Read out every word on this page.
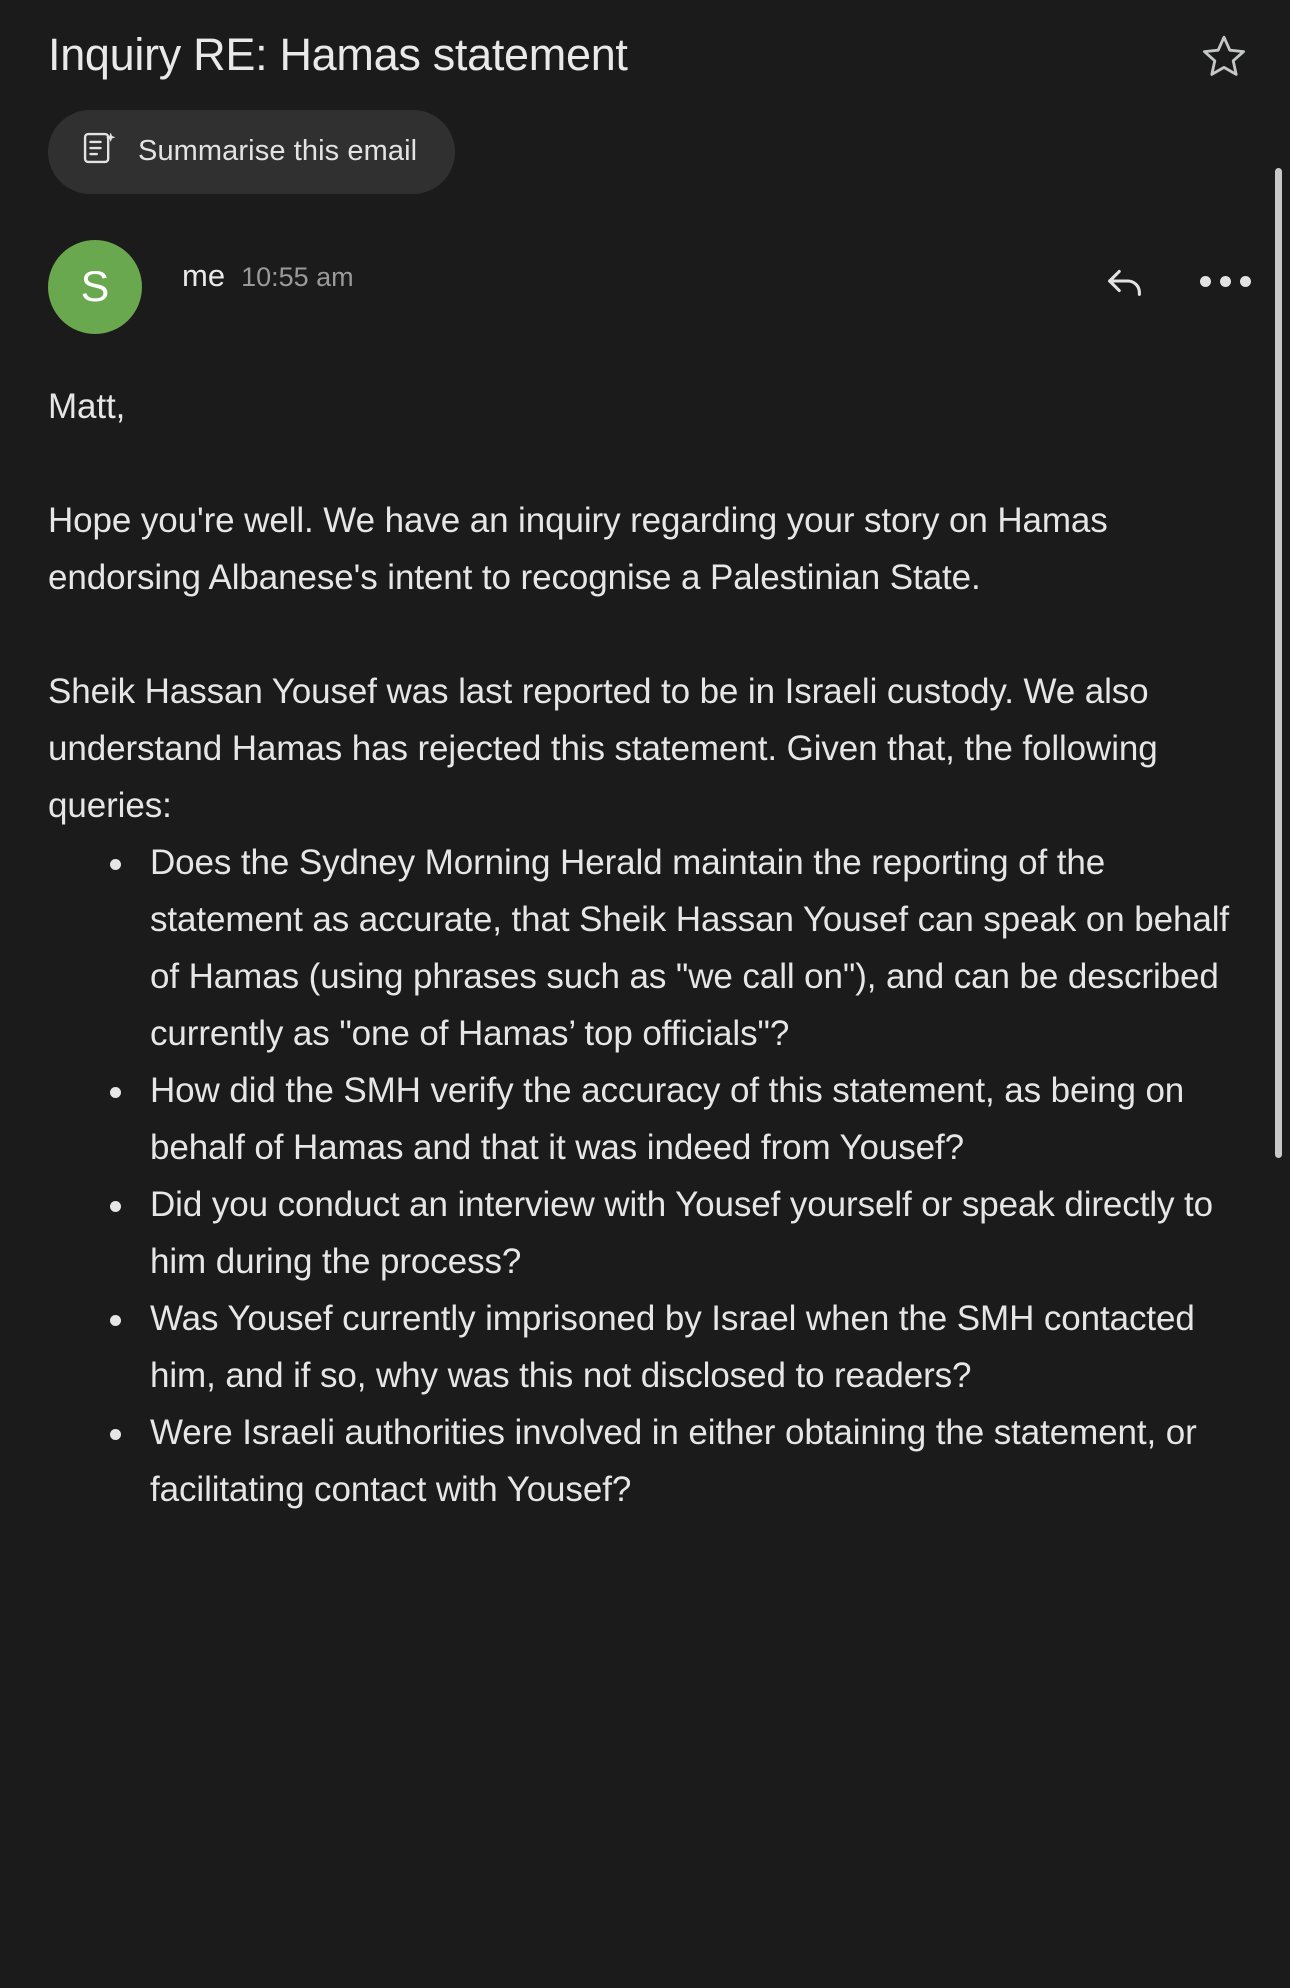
Inquiry RE: Hamas statement
Summarise this email
S	me 10:55 am

Matt,

Hope you're well. We have an inquiry regarding your story on Hamas endorsing Albanese's intent to recognise a Palestinian State.

Sheik Hassan Yousef was last reported to be in Israeli custody. We also understand Hamas has rejected this statement. Given that, the following queries:

Does the Sydney Morning Herald maintain the reporting of the statement as accurate, that Sheik Hassan Yousef can speak on behalf of Hamas (using phrases such as "we call on"), and can be described currently as "one of Hamas’ top officials"?
How did the SMH verify the accuracy of this statement, as being on behalf of Hamas and that it was indeed from Yousef?
Did you conduct an interview with Yousef yourself or speak directly to him during the process?
Was Yousef currently imprisoned by Israel when the SMH contacted him, and if so, why was this not disclosed to readers?
Were Israeli authorities involved in either obtaining the statement, or facilitating contact with Yousef?
